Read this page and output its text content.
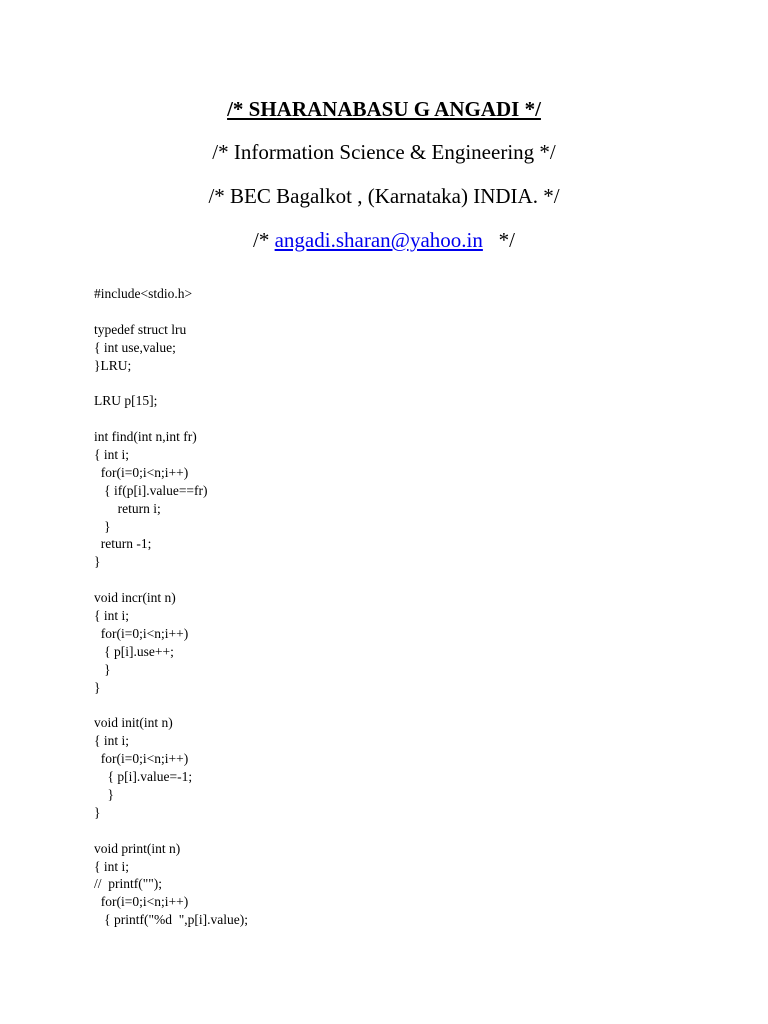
/* SHARANABASU G ANGADI */
/* Information Science & Engineering */
/* BEC Bagalkot , (Karnataka) INDIA. */
/* angadi.sharan@yahoo.in   */
#include<stdio.h>
typedef struct lru
{ int use,value;
}LRU;
LRU p[15];
int find(int n,int fr)
{ int i;
for(i=0;i<n;i++)
{ if(p[i].value==fr)
return i;
}
return -1;
}
void incr(int n)
{ int i;
for(i=0;i<n;i++)
{ p[i].use++;
}
}
void init(int n)
{ int i;
for(i=0;i<n;i++)
{ p[i].value=-1;
}
}
void print(int n)
{ int i;
//  printf("");
for(i=0;i<n;i++)
{ printf("%d  ",p[i].value);
